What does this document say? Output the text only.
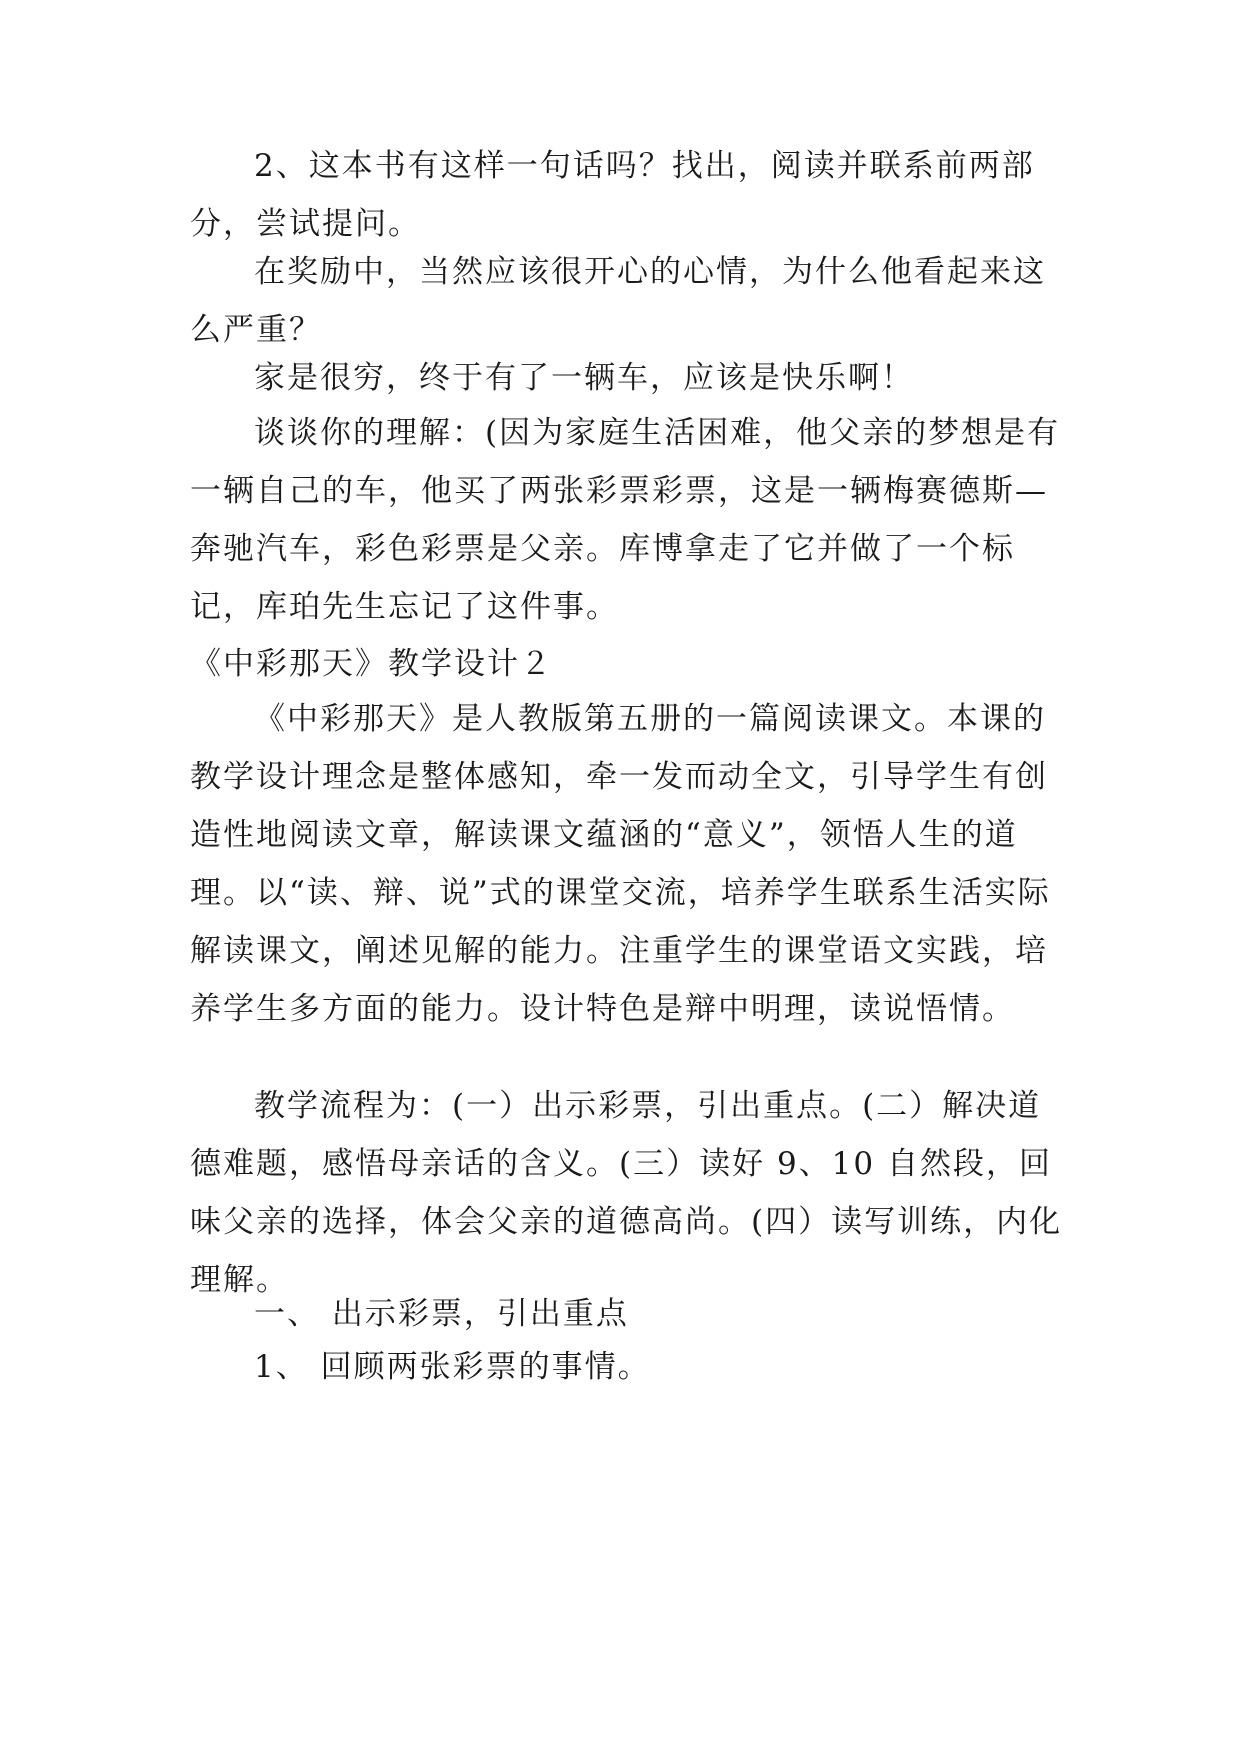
2、这本书有这样一句话吗？找出，阅读并联系前两部分，尝试提问。

在奖励中，当然应该很开心的心情，为什么他看起来这么严重？

家是很穷，终于有了一辆车，应该是快乐啊！

谈谈你的理解：(因为家庭生活困难，他父亲的梦想是有一辆自己的车，他买了两张彩票彩票，这是一辆梅赛德斯—奔驰汽车，彩色彩票是父亲。库博拿走了它并做了一个标记，库珀先生忘记了这件事。

《中彩那天》教学设计２

《中彩那天》是人教版第五册的一篇阅读课文。本课的教学设计理念是整体感知，牵一发而动全文，引导学生有创造性地阅读文章，解读课文蕴涵的“意义”，领悟人生的道理。以“读、辩、说”式的课堂交流，培养学生联系生活实际解读课文，阐述见解的能力。注重学生的课堂语文实践，培养学生多方面的能力。设计特色是辩中明理，读说悟情。

教学流程为：(一）出示彩票，引出重点。(二）解决道德难题，感悟母亲话的含义。(三）读好 9、10 自然段，回味父亲的选择，体会父亲的道德高尚。(四）读写训练，内化理解。

一、 出示彩票，引出重点

1、 回顾两张彩票的事情。
